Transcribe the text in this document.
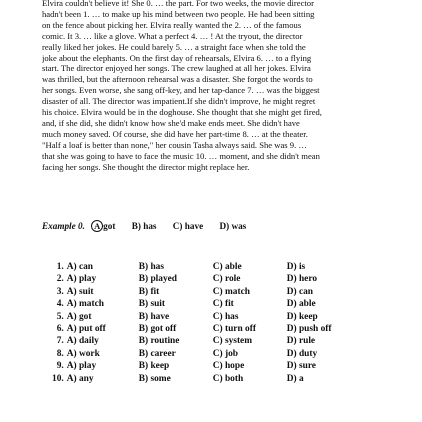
Elvira couldn't believe it! She 0. … the part. For two weeks, the movie director
hadn't been 1. … to make up his mind between two people. He had been sitting
on the fence about picking her. Elvira really wanted the 2. … of the famous
comic. It 3. … like a glove. What a perfect 4. … ! At the tryout, the director
really liked her jokes. He could barely 5. … a straight face when she told the
joke about the elephants. On the first day of rehearsals, Elvira 6. … to a flying
start. The director enjoyed her songs. The crew laughed at all her jokes. Elvira
was thrilled, but the afternoon rehearsal was a disaster. She forgot the words to
her songs. Even worse, she sang off-key, and her tap-dance 7. … was the biggest
disaster of all. The director was impatient.If she didn't improve, he might regret
his choice. Elvira would be in the doghouse. She thought that she might get fired,
and, if she did, she didn't know how she'd make ends meet. She didn't have
much money saved. Of course, she did have her part-time 8. … at the theater.
"Half a loaf is better than none," her cousin Tasha always said. She was 9. …
that she was going to have to face the music 10. … moment, and she didn't mean
facing her songs. She thought the director might replace her.
Example 0. A got B) has C) have D) was
1.	A) can	B) has	C) able	D) is
2.	A) play	B) played	C) role	D) hero
3.	A) suit	B) fit	C) match	D) can
4.	A) match	B) suit	C) fit	D) able
5.	A) got	B) have	C) has	D) keep
6.	A) put off	B) got off	C) turn off	D) push off
7.	A) daily	B) routine	C) system	D) rule
8.	A) work	B) career	C) job	D) duty
9.	A) play	B) keep	C) hope	D) sure
10.	A) any	B) some	C) both	D) a
